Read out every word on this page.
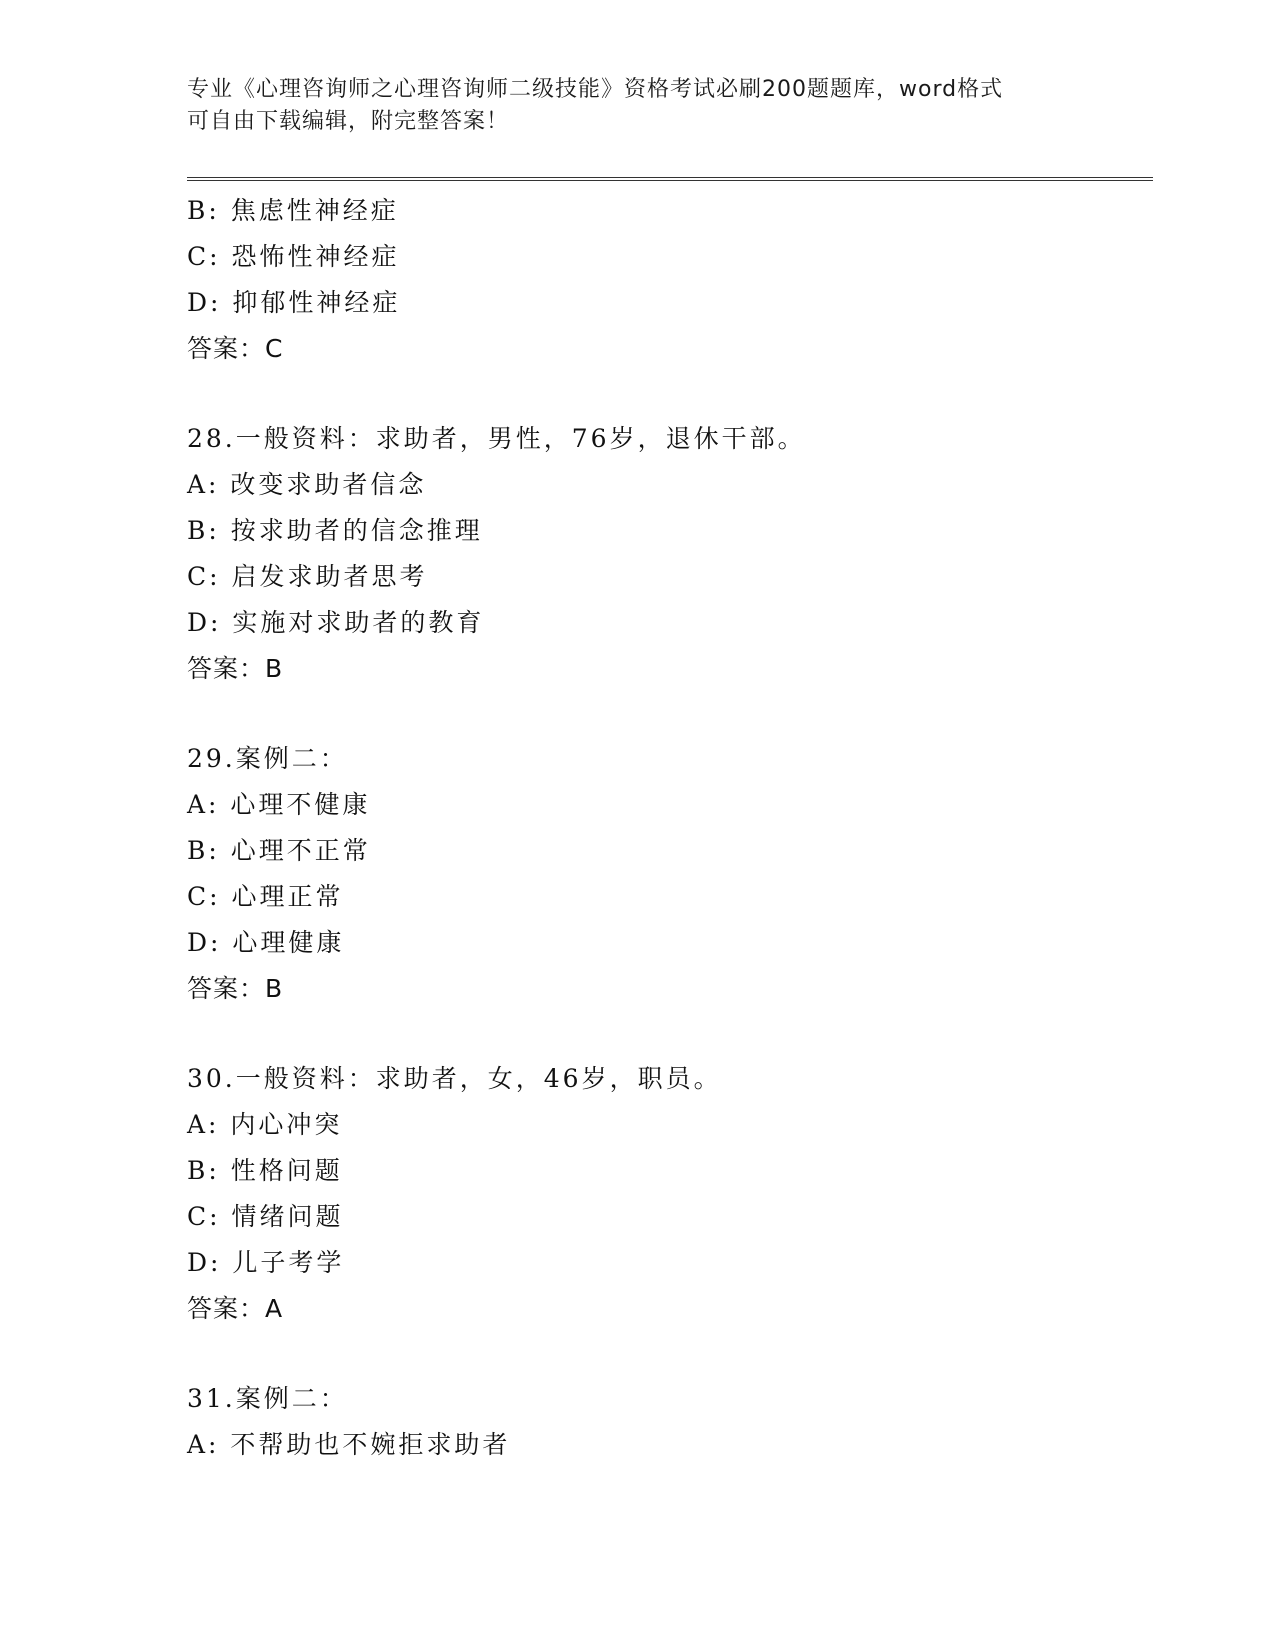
专业《心理咨询师之心理咨询师二级技能》资格考试必刷200题题库，word格式
可自由下载编辑，附完整答案！
B: 焦虑性神经症
C: 恐怖性神经症
D: 抑郁性神经症
答案：C
28.一般资料：求助者，男性，76岁，退休干部。
A: 改变求助者信念
B: 按求助者的信念推理
C: 启发求助者思考
D: 实施对求助者的教育
答案：B
29.案例二：
A: 心理不健康
B: 心理不正常
C: 心理正常
D: 心理健康
答案：B
30.一般资料：求助者，女，46岁，职员。
A: 内心冲突
B: 性格问题
C: 情绪问题
D: 儿子考学
答案：A
31.案例二：
A: 不帮助也不婉拒求助者
